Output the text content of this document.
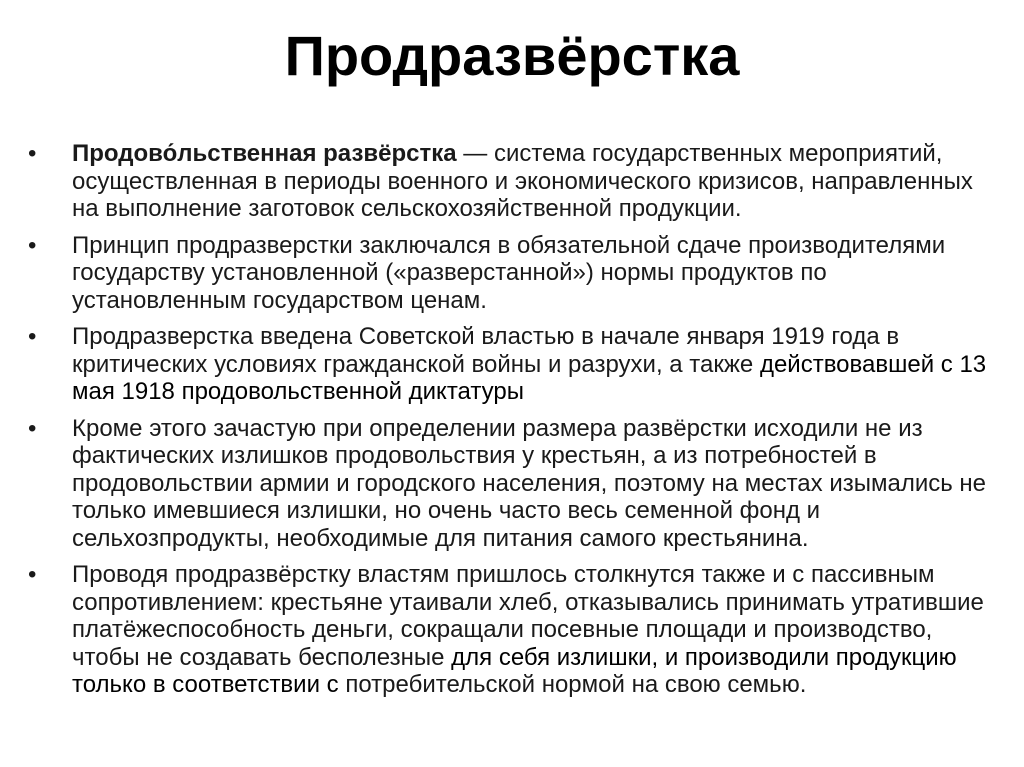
Продразвёрстка
• Продово́льственная развёрстка — система государственных мероприятий, осуществленная в периоды военного и экономического кризисов, направленных на выполнение заготовок сельскохозяйственной продукции.
• Принцип продразверстки заключался в обязательной сдаче производителями государству установленной («разверстанной») нормы продуктов по установленным государством ценам.
• Продразверстка введена Советской властью в начале января 1919 года в критических условиях гражданской войны и разрухи, а также действовавшей с 13 мая 1918 продовольственной диктатуры
• Кроме этого зачастую при определении размера развёрстки исходили не из фактических излишков продовольствия у крестьян, а из потребностей в продовольствии армии и городского населения, поэтому на местах изымались не только имевшиеся излишки, но очень часто весь семенной фонд и сельхозпродукты, необходимые для питания самого крестьянина.
• Проводя продразвёрстку властям пришлось столкнутся также и с пассивным сопротивлением: крестьяне утаивали хлеб, отказывались принимать утратившие платёжеспособность деньги, сокращали посевные площади и производство, чтобы не создавать бесполезные для себя излишки, и производили продукцию только в соответствии с потребительской нормой на свою семью.
